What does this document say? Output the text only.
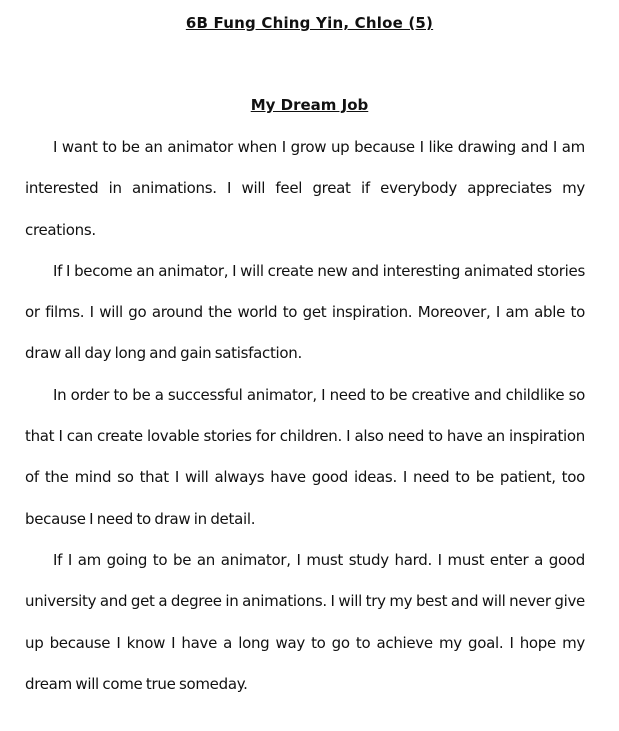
6B Fung Ching Yin, Chloe (5)
My Dream Job

I want to be an animator when I grow up because I like drawing and I am interested in animations. I will feel great if everybody appreciates my creations.

If I become an animator, I will create new and interesting animated stories or films. I will go around the world to get inspiration. Moreover, I am able to draw all day long and gain satisfaction.

In order to be a successful animator, I need to be creative and childlike so that I can create lovable stories for children. I also need to have an inspiration of the mind so that I will always have good ideas. I need to be patient, too because I need to draw in detail.

If I am going to be an animator, I must study hard. I must enter a good university and get a degree in animations. I will try my best and will never give up because I know I have a long way to go to achieve my goal. I hope my dream will come true someday.
